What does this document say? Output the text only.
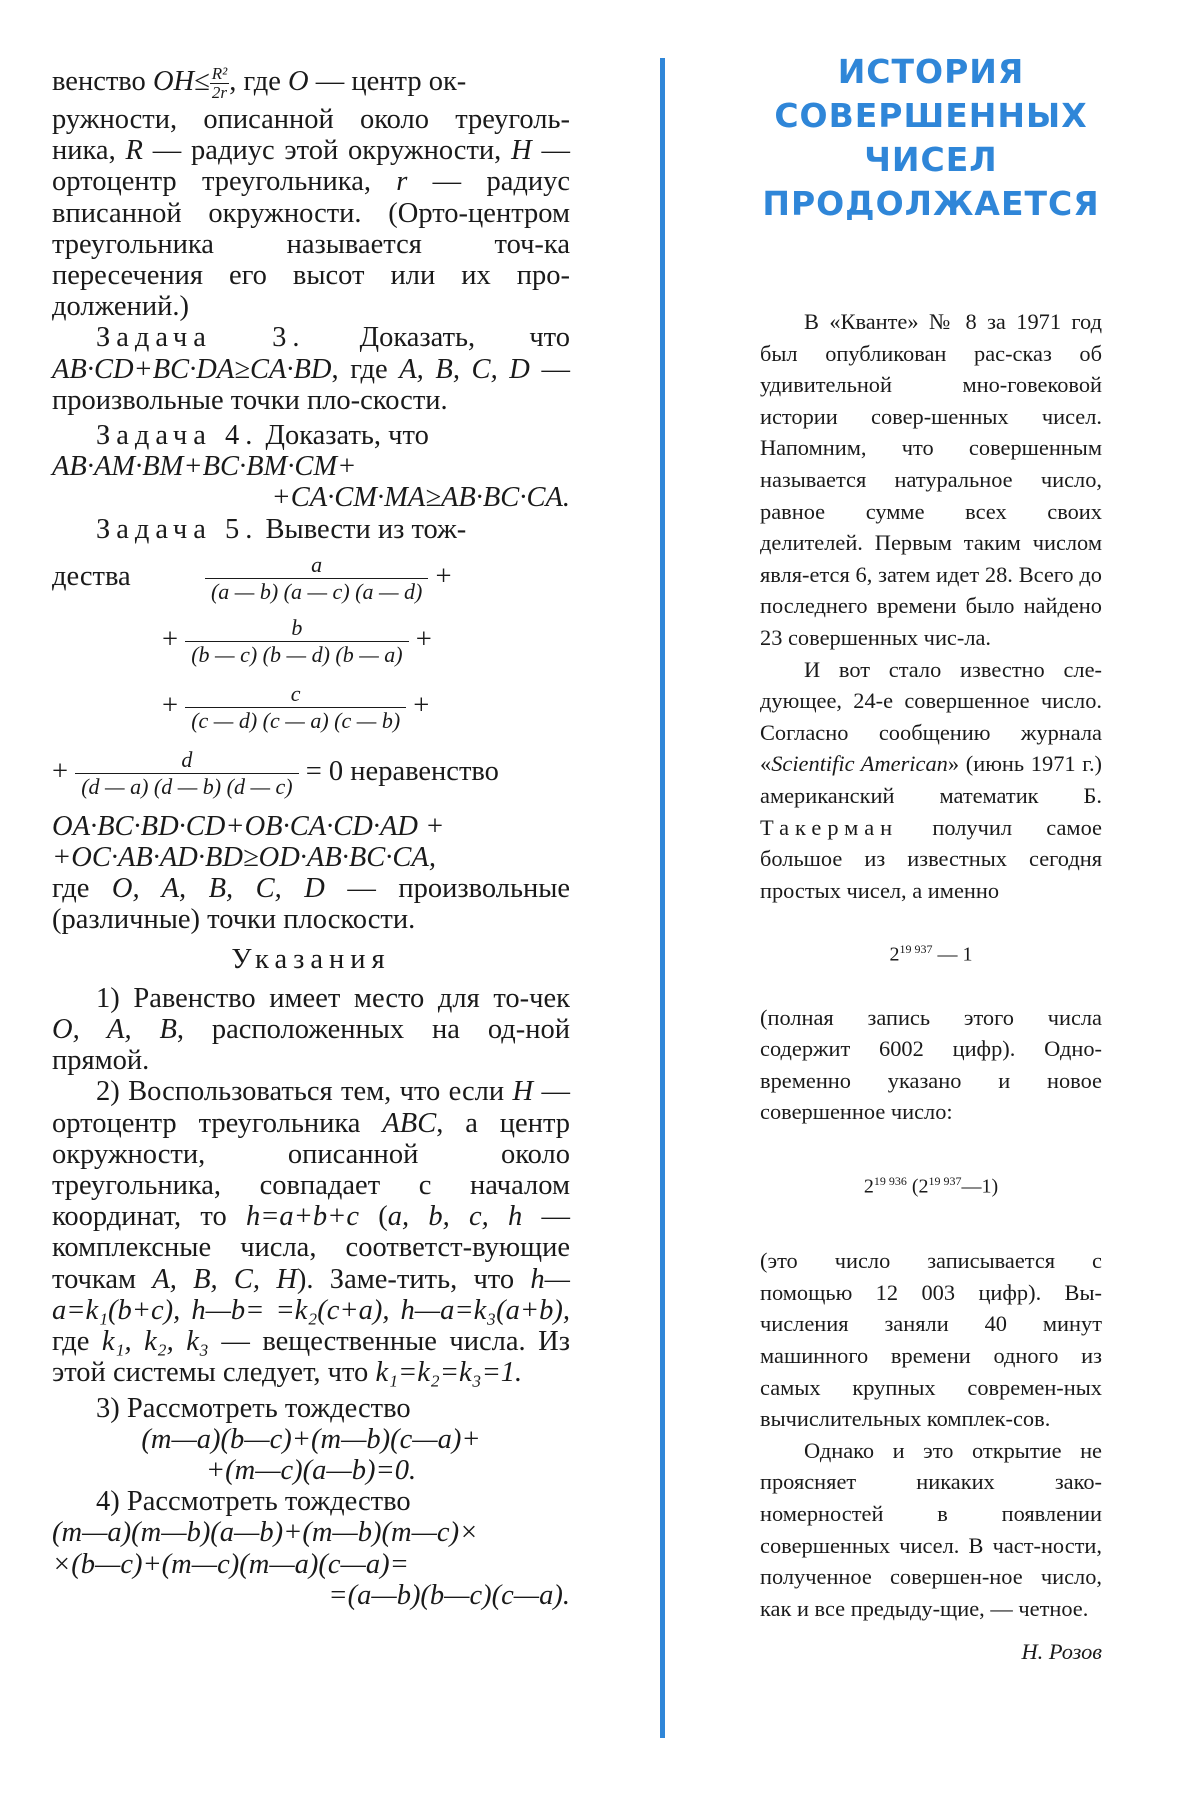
венство $OH\le \frac{\text{R²}}{2r}$ , где O — центр ок-

ружности, описанной около треуголь-ника, R — радиус этой окружности, H — ортоцентр треугольника, r — радиус вписанной окружности. (Орто-центром треугольника называется точ-ка пересечения его высот или их про-должений.)

Задача 3. Доказать, что AB·CD+BC·DA≥CA·BD, где A, B, C, D — произвольные точки пло-скости.

Задача 4. Доказать, что

AB·AM·BM+BC·BM·CM+

+CA·CM·MA≥AB·BC·CA.

Задача 5. Вывести из тож-

дества	$\frac{a}{(a — b) (a — c) (a — d)}$ +
+ $\frac{b}{(b — c) (b — d) (b — a)}$ +
+ $\frac{c}{(c — d) (c — a) (c — b)}$ +
+ $\frac{d}{(d — a) (d — b) (d — c)} = 0$ неравенство

OA·BC·BD·CD+OB·CA·CD·AD +

+OC·AB·AD·BD≥OD·AB·BC·CA,

где O, A, B, C, D — произвольные (различные) точки плоскости.

Указания

1) Равенство имеет место для то-чек O, A, B, расположенных на од-ной прямой.

2) Воспользоваться тем, что если H — ортоцентр треугольника ABC, а центр окружности, описанной около треугольника, совпадает с началом координат, то h=a+b+c (a, b, c, h — комплексные числа, соответст-вующие точкам A, B, C, H). Заме-тить, что h—a=k₁(b+c), h—b= =k₂(c+a), h—a=k₃(a+b), где k₁, k₂, k₃ — вещественные числа. Из этой системы следует, что k₁=k₂=k₃=1.

3) Рассмотреть тождество

(m—a)(b—c)+(m—b)(c—a)+

+(m—c)(a—b)=0.

4) Рассмотреть тождество

(m—a)(m—b)(a—b)+(m—b)(m—c)×

×(b—c)+(m—c)(m—a)(c—a)=

=(a—b)(b—c)(c—a).

ИСТОРИЯ
СОВЕРШЕННЫХ
ЧИСЕЛ
ПРОДОЛЖАЕТСЯ

В «Кванте» № 8 за 1971 год был опубликован рас-сказ об удивительной мно-говековой истории совер-шенных чисел. Напомним, что совершенным называется натуральное число, равное сумме всех своих делителей. Первым таким числом явля-ется 6, затем идет 28. Всего до последнего времени было найдено 23 совершенных чис-ла.

И вот стало известно сле-дующее, 24-е совершенное число. Согласно сообщению журнала «Scientific American» (июнь 1971 г.) американский математик Б. Такерман получил самое большое из известных сегодня простых чисел, а именно

$2^{19 937}$ — 1

(полная запись этого числа содержит 6002 цифр). Одно-временно указано и новое совершенное число:

$2^{19 936}$ $(2^{19 937}—1)$

(это число записывается с помощью 12 003 цифр). Вы-числения заняли 40 минут машинного времени одного из самых крупных современ-ных вычислительных комплек-сов.

Однако и это открытие не проясняет никаких зако-номерностей в появлении совершенных чисел. В част-ности, полученное совершен-ное число, как и все предыду-щие, — четное.

Н. Розов
